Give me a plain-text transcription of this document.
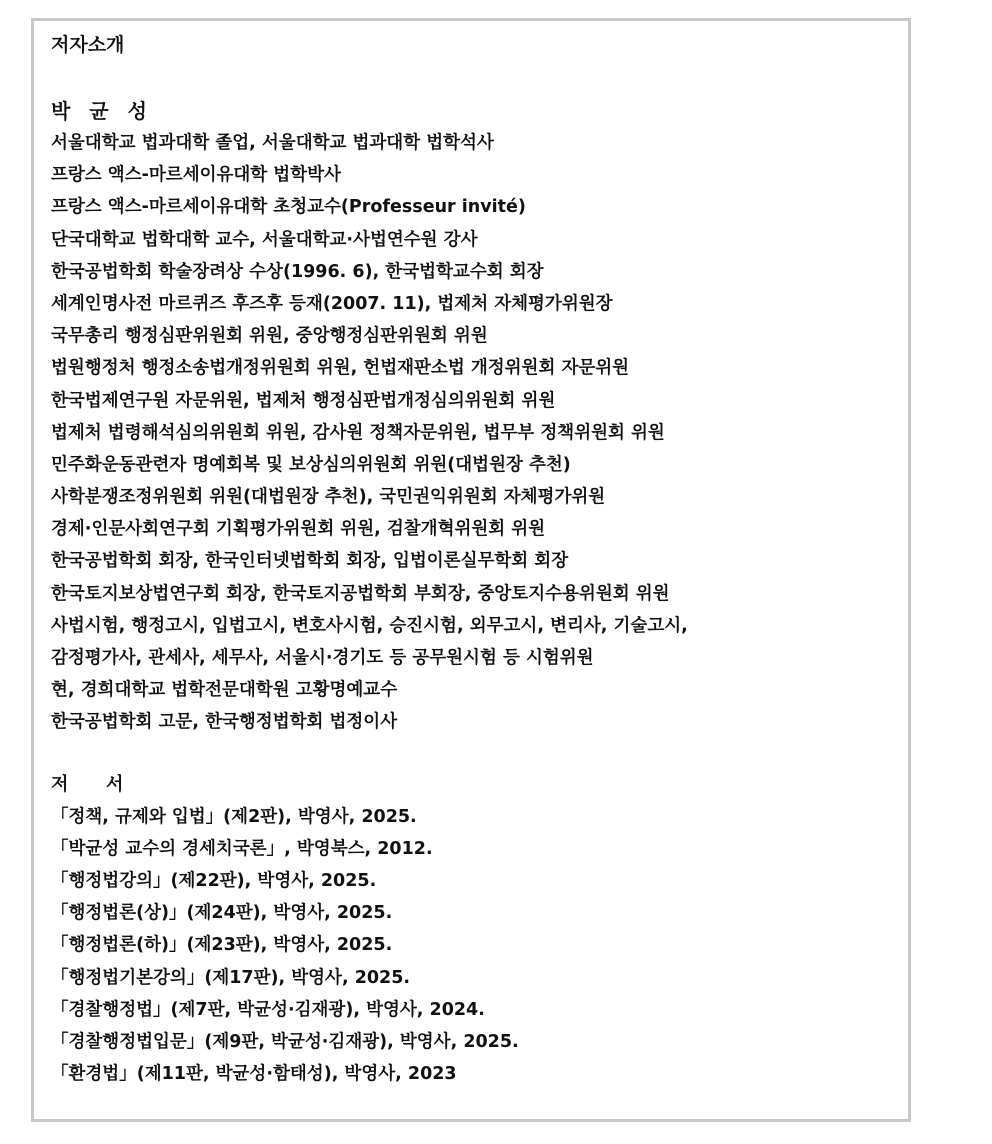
저자소개
박 균 성
서울대학교 법과대학 졸업, 서울대학교 법과대학 법학석사
프랑스 액스-마르세이유대학 법학박사
프랑스 액스-마르세이유대학 초청교수(Professeur invité)
단국대학교 법학대학 교수, 서울대학교·사법연수원 강사
한국공법학회 학술장려상 수상(1996. 6), 한국법학교수회 회장
세계인명사전 마르퀴즈 후즈후 등재(2007. 11), 법제처 자체평가위원장
국무총리 행정심판위원회 위원, 중앙행정심판위원회 위원
법원행정처 행정소송법개정위원회 위원, 헌법재판소법 개정위원회 자문위원
한국법제연구원 자문위원, 법제처 행정심판법개정심의위원회 위원
법제처 법령해석심의위원회 위원, 감사원 정책자문위원, 법무부 정책위원회 위원
민주화운동관련자 명예회복 및 보상심의위원회 위원(대법원장 추천)
사학분쟁조정위원회 위원(대법원장 추천), 국민권익위원회 자체평가위원
경제·인문사회연구회 기획평가위원회 위원, 검찰개혁위원회 위원
한국공법학회 회장, 한국인터넷법학회 회장, 입법이론실무학회 회장
한국토지보상법연구회 회장, 한국토지공법학회 부회장, 중앙토지수용위원회 위원
사법시험, 행정고시, 입법고시, 변호사시험, 승진시험, 외무고시, 변리사, 기술고시,
감정평가사, 관세사, 세무사, 서울시·경기도 등 공무원시험 등 시험위원
현, 경희대학교 법학전문대학원 고황명예교수
한국공법학회 고문, 한국행정법학회 법정이사
저      서
「정책, 규제와 입법」(제2판), 박영사, 2025.
「박균성 교수의 경세치국론」, 박영북스, 2012.
「행정법강의」(제22판), 박영사, 2025.
「행정법론(상)」(제24판), 박영사, 2025.
「행정법론(하)」(제23판), 박영사, 2025.
「행정법기본강의」(제17판), 박영사, 2025.
「경찰행정법」(제7판, 박균성·김재광), 박영사, 2024.
「경찰행정법입문」(제9판, 박균성·김재광), 박영사, 2025.
「환경법」(제11판, 박균성·함태성), 박영사, 2023
